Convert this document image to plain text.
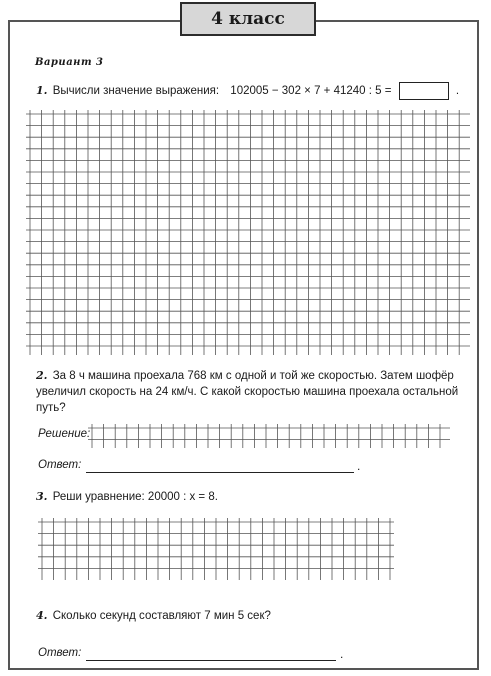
4 класс
Вариант 3
1. Вычисли значение выражения: 102005 − 302 × 7 + 41240 : 5 =	.
2. За 8 ч машина проехала 768 км с одной и той же скоростью. Затем шофёр увеличил скорость на 24 км/ч. С какой скоростью машина проехала остальной путь?
Решение:
Ответ:	.
3. Реши уравнение: 20000 : x = 8.
4. Сколько секунд составляют 7 мин 5 сек?
Ответ:	.
